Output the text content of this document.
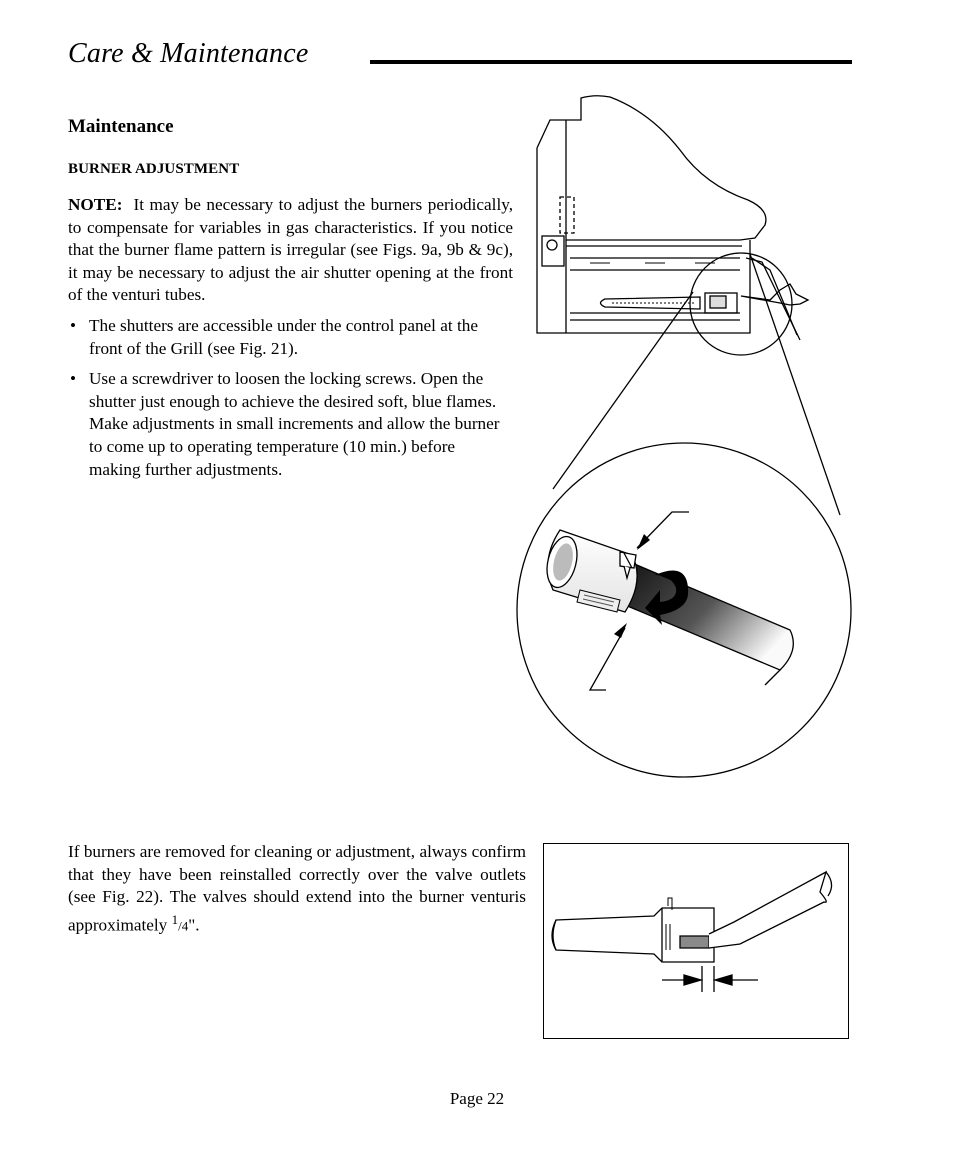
Care & Maintenance
Maintenance
BURNER ADJUSTMENT
NOTE: It may be necessary to adjust the burners periodically, to compensate for variables in gas characteristics. If you notice that the burner flame pattern is irregular (see Figs. 9a, 9b & 9c), it may be necessary to adjust the air shutter opening at the front of the venturi tubes.
• The shutters are accessible under the control panel at the front of the Grill (see Fig. 21).
• Use a screwdriver to loosen the locking screws. Open the shutter just enough to achieve the desired soft, blue flames. Make adjustments in small increments and allow the burner to come up to operating temperature (10 min.) before making further adjustments.
If burners are removed for cleaning or adjustment, always confirm that they have been reinstalled correctly over the valve outlets (see Fig. 22). The valves should extend into the burner venturis approximately $^1$/4".
Page 22
